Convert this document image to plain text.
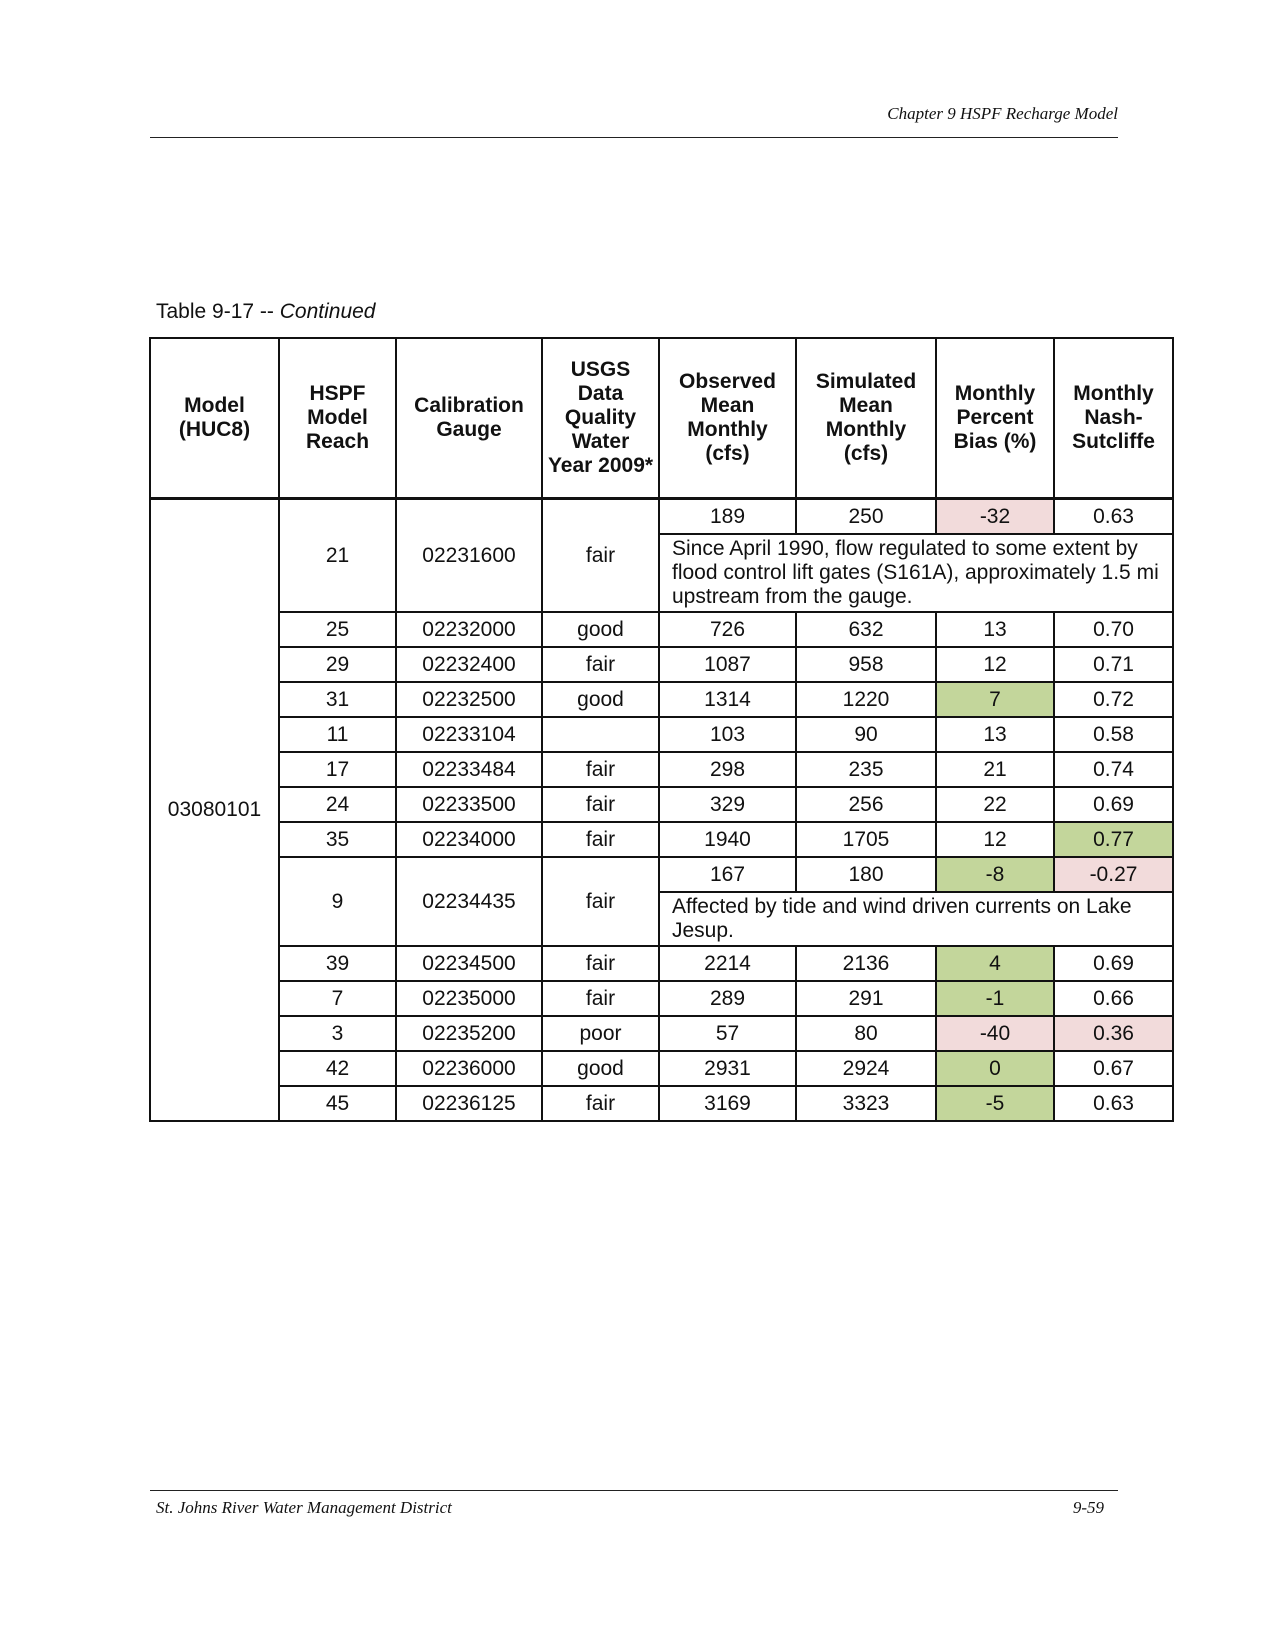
Chapter 9 HSPF Recharge Model
Table 9-17 -- Continued
Model (HUC8)	HSPF Model Reach	Calibration Gauge	USGS Data Quality Water Year 2009*	Observed Mean Monthly (cfs)	Simulated Mean Monthly (cfs)	Monthly Percent Bias (%)	Monthly Nash-Sutcliffe
03080101	21	02231600	fair	189	250	-32	0.63
				Since April 1990, flow regulated to some extent by flood control lift gates (S161A), approximately 1.5 mi upstream from the gauge.			
	25	02232000	good	726	632	13	0.70
	29	02232400	fair	1087	958	12	0.71
	31	02232500	good	1314	1220	7	0.72
	11	02233104		103	90	13	0.58
	17	02233484	fair	298	235	21	0.74
	24	02233500	fair	329	256	22	0.69
	35	02234000	fair	1940	1705	12	0.77
	9	02234435	fair	167	180	-8	-0.27
				Affected by tide and wind driven currents on Lake Jesup.			
	39	02234500	fair	2214	2136	4	0.69
	7	02235000	fair	289	291	-1	0.66
	3	02235200	poor	57	80	-40	0.36
	42	02236000	good	2931	2924	0	0.67
	45	02236125	fair	3169	3323	-5	0.63
St. Johns River Water Management District	9-59
